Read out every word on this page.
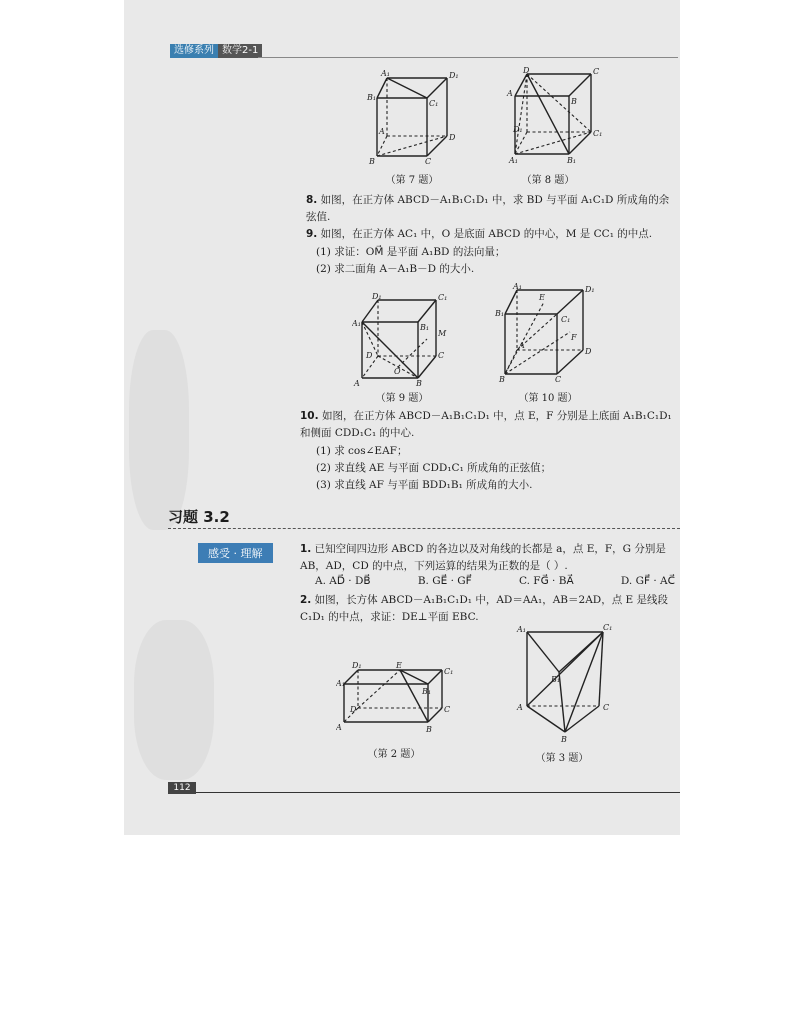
选修系列 数学2-1
A₁	D₁
B₁
C₁
A
D
B	C
（第 7 题）
D	C
A
B
C₁
D₁
A₁	B₁
（第 8 题）
8. 如图，在正方体 ABCD－A₁B₁C₁D₁ 中，求 BD 与平面 A₁C₁D 所成角的余弦值.
9. 如图，在正方体 AC₁ 中，O 是底面 ABCD 的中心，M 是 CC₁ 的中点.
(1) 求证：OM⃗ 是平面 A₁BD 的法向量；
(2) 求二面角 A－A₁B－D 的大小.
D₁	C₁
A₁	B₁
M
D	C
O
A	B
（第 9 题）
A₁	D₁
E
B₁
C₁
F
A
D
B	C
（第 10 题）
10. 如图，在正方体 ABCD－A₁B₁C₁D₁ 中，点 E，F 分别是上底面 A₁B₁C₁D₁ 和侧面 CDD₁C₁ 的中心.
(1) 求 cos∠EAF；
(2) 求直线 AE 与平面 CDD₁C₁ 所成角的正弦值；
(3) 求直线 AF 与平面 BDD₁B₁ 所成角的大小.
习题 3.2
感受 · 理解	1. 已知空间四边形 ABCD 的各边以及对角线的长都是 a，点 E，F，G 分别是 AB，AD，CD 的中点，下列运算的结果为正数的是（ ）.
A. AD⃗ · DB⃗	B. GE⃗ · GF⃗	C. FG⃗ · BA⃗	D. GF⃗ · AC⃗
2. 如图，长方体 ABCD－A₁B₁C₁D₁ 中，AD＝AA₁，AB＝2AD，点 E 是线段 C₁D₁ 的中点，求证：DE⊥平面 EBC.
D₁	E
C₁
A₁
B₁
D	C
A	B
（第 2 题）
A₁	C₁
B₁
A	C
B
（第 3 题）
112
